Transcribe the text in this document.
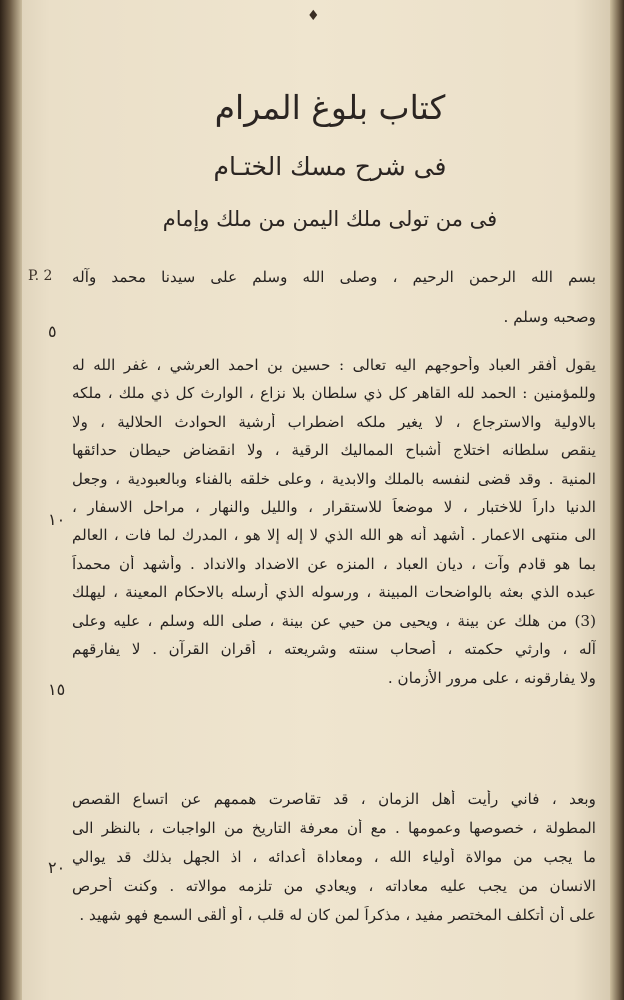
♦
كتاب بلوغ المرام
فى شرح مسك الختـام
فى من تولى ملك اليمن من ملك وإمام
P. 2
٥
١٠
١٥
٢٠
بسم الله الرحمن الرحيم ، وصلى الله وسلم على سيدنا محمد وآله
وصحبه وسلم .
يقول أفقر العباد وأحوجهم اليه تعالى : حسين بن احمد العرشي ، غفر الله له
وللمؤمنين : الحمد لله القاهر كل ذي سلطان بلا نزاع ، الوارث كل ذي ملك ، ملكه
بالاولية والاسترجاع ، لا يغير ملكه اضطراب أرشية الحوادث الحلالية ، ولا
ينقص سلطانه اختلاج أشباح المماليك الرقية ، ولا انقضاض حيطان حدائقها
المنية . وقد قضى لنفسه بالملك والابدية ، وعلى خلقه بالفناء وبالعبودية ، وجعل
الدنيا داراً للاختبار ، لا موضعاً للاستقرار ، والليل والنهار ، مراحل الاسفار ،
الى منتهى الاعمار . أشهد أنه هو الله الذي لا إله إلا هو ، المدرك لما فات ، العالم
بما هو قادم وآت ، ديان العباد ، المنزه عن الاضداد والانداد . وأشهد أن محمداً
عبده الذي بعثه بالواضحات المبينة ، ورسوله الذي أرسله بالاحكام المعينة ، ليهلك
(3) من هلك عن بينة ، ويحيى من حيي عن بينة ، صلى الله وسلم ، عليه وعلى
آله ، وارثي حكمته ، أصحاب سنته وشريعته ، أقران القرآن . لا يفارقهم
ولا يفارقونه ، على مرور الأزمان .
وبعد ، فاني رأيت أهل الزمان ، قد تقاصرت هممهم عن اتساع القصص
المطولة ، خصوصها وعمومها . مع أن معرفة التاريخ من الواجبات ، بالنظر الى
ما يجب من موالاة أولياء الله ، ومعاداة أعدائه ، اذ الجهل بذلك قد يوالي
الانسان من يجب عليه معاداته ، ويعادي من تلزمه موالاته . وكنت أحرص
على أن أتكلف المختصر مفيد ، مذكراً لمن كان له قلب ، أو ألقى السمع فهو شهيد .
